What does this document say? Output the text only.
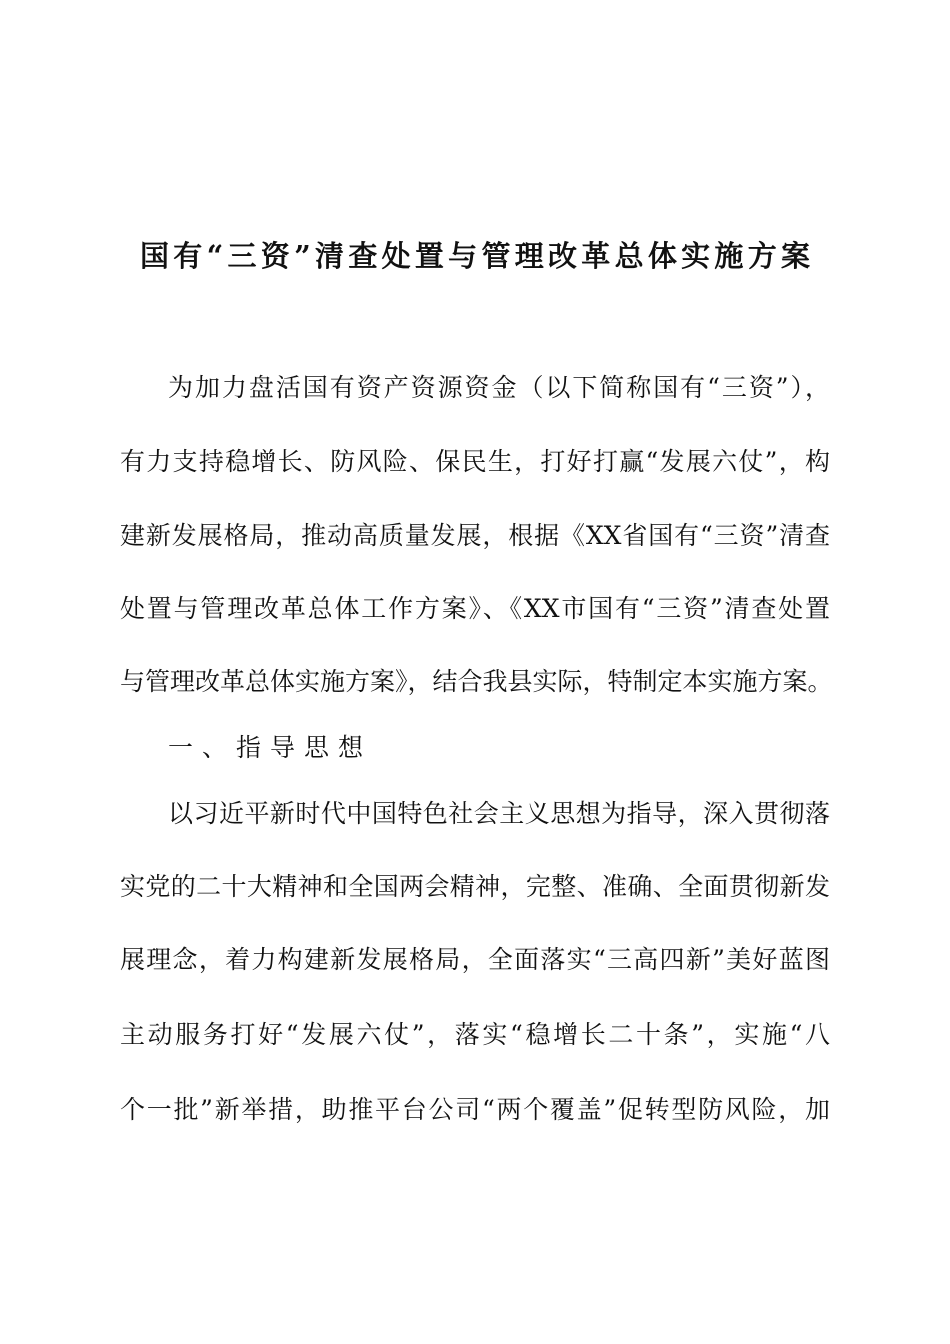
国有“三资”清查处置与管理改革总体实施方案
为加力盘活国有资产资源资金（以下简称国有“三资”），
有力支持稳增长、防风险、保民生，打好打赢“发展六仗”，构
建新发展格局，推动高质量发展，根据《XX省国有“三资”清查
处置与管理改革总体工作方案》、《XX市国有“三资”清查处置
与管理改革总体实施方案》，结合我县实际，特制定本实施方案。
一、指导思想
以习近平新时代中国特色社会主义思想为指导，深入贯彻落
实党的二十大精神和全国两会精神，完整、准确、全面贯彻新发
展理念，着力构建新发展格局，全面落实“三高四新”美好蓝图
主动服务打好“发展六仗”，落实“稳增长二十条”，实施“八
个一批”新举措，助推平台公司“两个覆盖”促转型防风险，加
